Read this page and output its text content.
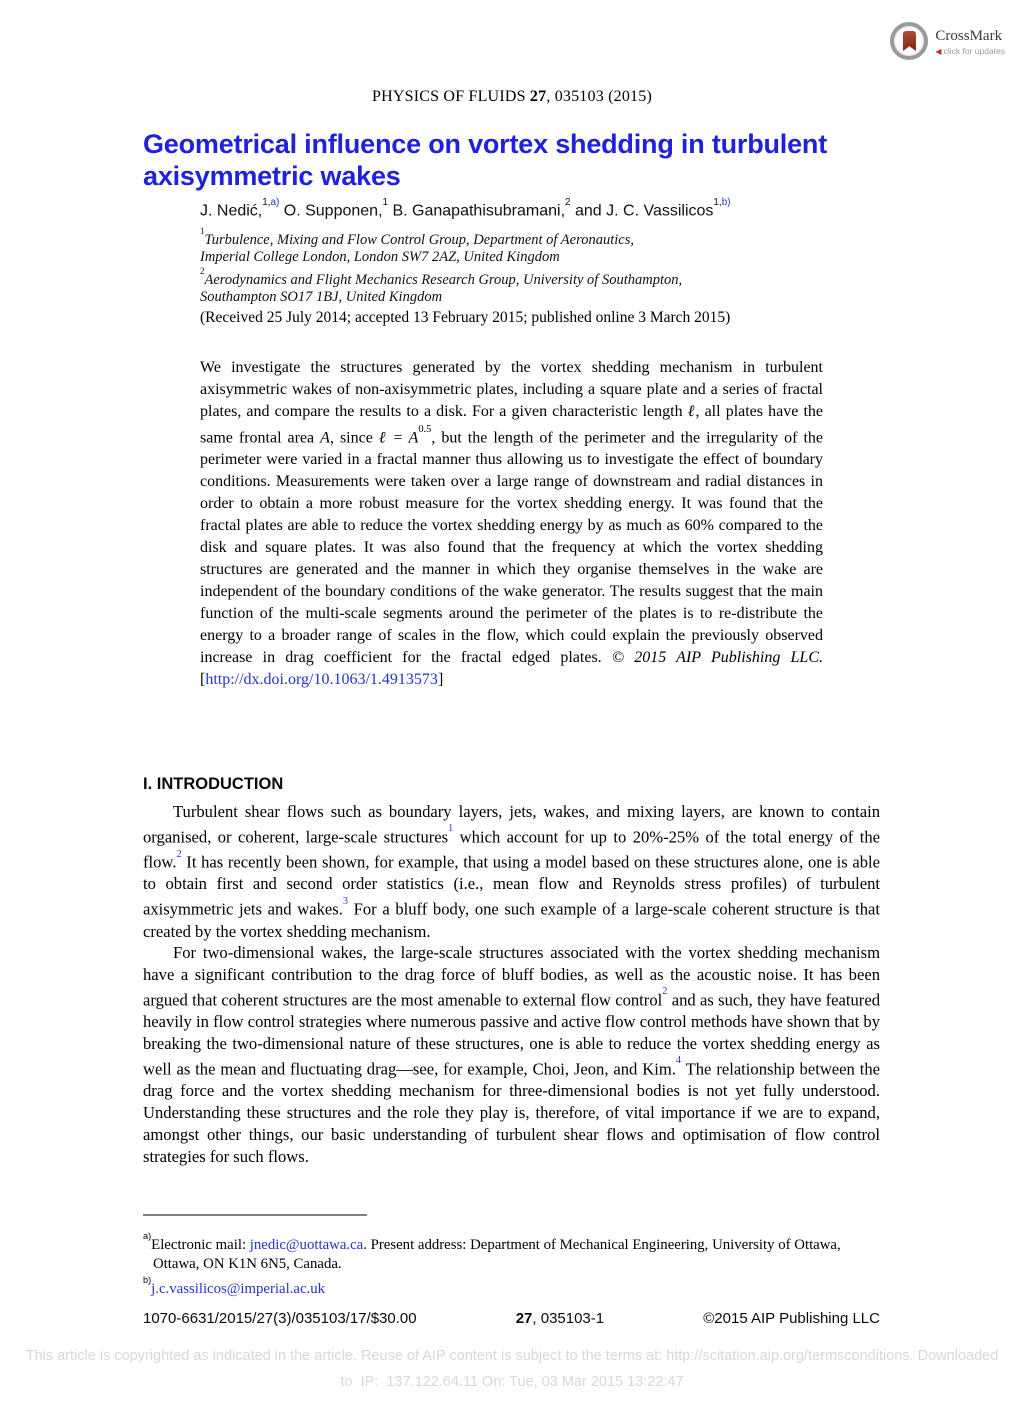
PHYSICS OF FLUIDS 27, 035103 (2015)
CrossMark
◀ click for updates
Geometrical influence on vortex shedding in turbulent
axisymmetric wakes
J. Nedić,$^{1,a)}$ O. Supponen,$^1$ B. Ganapathisubramani,$^2$ and J. C. Vassilicos$^{1,b)}$
$^1$Turbulence, Mixing and Flow Control Group, Department of Aeronautics,
Imperial College London, London SW7 2AZ, United Kingdom
$^2$Aerodynamics and Flight Mechanics Research Group, University of Southampton,
Southampton SO17 1BJ, United Kingdom
(Received 25 July 2014; accepted 13 February 2015; published online 3 March 2015)
We investigate the structures generated by the vortex shedding mechanism in turbulent axisymmetric wakes of non-axisymmetric plates, including a square plate and a series of fractal plates, and compare the results to a disk. For a given characteristic length ℓ, all plates have the same frontal area A, since ℓ = $A^{0.5}$, but the length of the perimeter and the irregularity of the perimeter were varied in a fractal manner thus allowing us to investigate the effect of boundary conditions. Measurements were taken over a large range of downstream and radial distances in order to obtain a more robust measure for the vortex shedding energy. It was found that the fractal plates are able to reduce the vortex shedding energy by as much as 60% compared to the disk and square plates. It was also found that the frequency at which the vortex shedding structures are generated and the manner in which they organise themselves in the wake are independent of the boundary conditions of the wake generator. The results suggest that the main function of the multi-scale segments around the perimeter of the plates is to re-distribute the energy to a broader range of scales in the flow, which could explain the previously observed increase in drag coefficient for the fractal edged plates. © 2015 AIP Publishing LLC. [http://dx.doi.org/10.1063/1.4913573]
I. INTRODUCTION

Turbulent shear flows such as boundary layers, jets, wakes, and mixing layers, are known to contain organised, or coherent, large-scale structures$^1$ which account for up to 20%-25% of the total energy of the flow.$^2$ It has recently been shown, for example, that using a model based on these structures alone, one is able to obtain first and second order statistics (i.e., mean flow and Reynolds stress profiles) of turbulent axisymmetric jets and wakes.$^3$ For a bluff body, one such example of a large-scale coherent structure is that created by the vortex shedding mechanism.

For two-dimensional wakes, the large-scale structures associated with the vortex shedding mechanism have a significant contribution to the drag force of bluff bodies, as well as the acoustic noise. It has been argued that coherent structures are the most amenable to external flow control$^2$ and as such, they have featured heavily in flow control strategies where numerous passive and active flow control methods have shown that by breaking the two-dimensional nature of these structures, one is able to reduce the vortex shedding energy as well as the mean and fluctuating drag—see, for example, Choi, Jeon, and Kim.$^4$ The relationship between the drag force and the vortex shedding mechanism for three-dimensional bodies is not yet fully understood. Understanding these structures and the role they play is, therefore, of vital importance if we are to expand, amongst other things, our basic understanding of turbulent shear flows and optimisation of flow control strategies for such flows.

$^{a)}$Electronic mail: jnedic@uottawa.ca. Present address: Department of Mechanical Engineering, University of Ottawa, Ottawa, ON K1N 6N5, Canada.
$^{b)}$j.c.vassilicos@imperial.ac.uk
1070-6631/2015/27(3)/035103/17/$30.00	27, 035103-1	©2015 AIP Publishing LLC
This article is copyrighted as indicated in the article. Reuse of AIP content is subject to the terms at: http://scitation.aip.org/termsconditions. Downloaded
to  IP:  137.122.64.11 On: Tue, 03 Mar 2015 13:22:47
